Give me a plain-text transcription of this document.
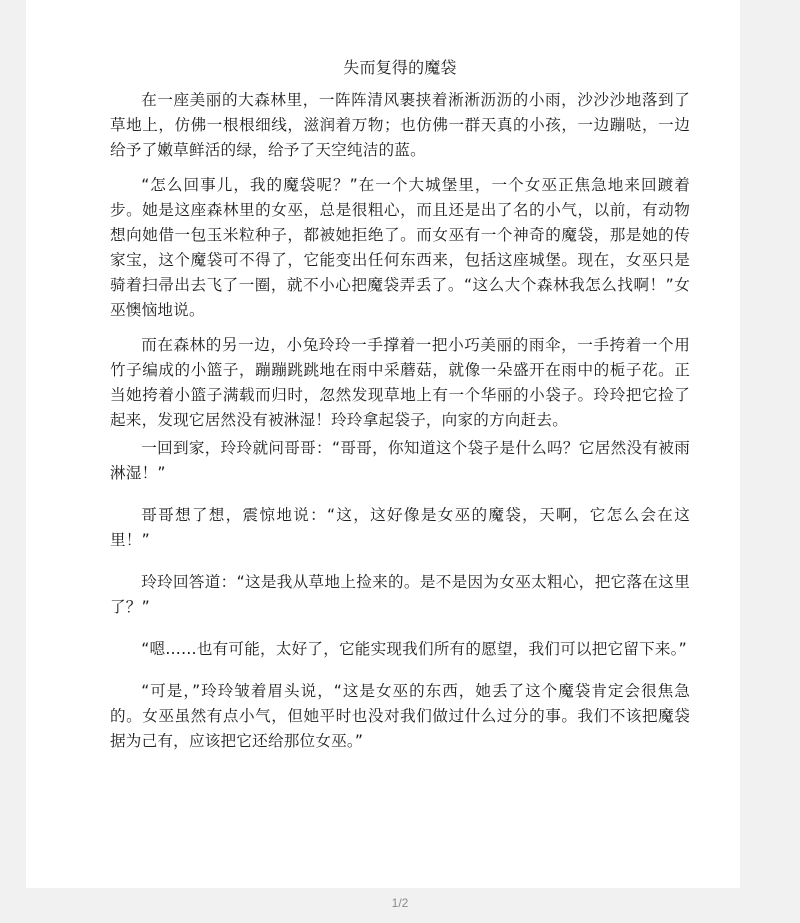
失而复得的魔袋

在一座美丽的大森林里，一阵阵清风裹挟着淅淅沥沥的小雨，沙沙沙地落到了草地上，仿佛一根根细线，滋润着万物；也仿佛一群天真的小孩，一边蹦哒，一边给予了嫩草鲜活的绿，给予了天空纯洁的蓝。

“怎么回事儿，我的魔袋呢？”在一个大城堡里，一个女巫正焦急地来回踱着步。她是这座森林里的女巫，总是很粗心，而且还是出了名的小气，以前，有动物想向她借一包玉米粒种子，都被她拒绝了。而女巫有一个神奇的魔袋，那是她的传家宝，这个魔袋可不得了，它能变出任何东西来，包括这座城堡。现在，女巫只是骑着扫帚出去飞了一圈，就不小心把魔袋弄丢了。“这么大个森林我怎么找啊！”女巫懊恼地说。

而在森林的另一边，小兔玲玲一手撑着一把小巧美丽的雨伞，一手挎着一个用竹子编成的小篮子，蹦蹦跳跳地在雨中采蘑菇，就像一朵盛开在雨中的栀子花。正当她挎着小篮子满载而归时，忽然发现草地上有一个华丽的小袋子。玲玲把它捡了起来，发现它居然没有被淋湿！玲玲拿起袋子，向家的方向赶去。

一回到家，玲玲就问哥哥：“哥哥，你知道这个袋子是什么吗？它居然没有被雨淋湿！”

哥哥想了想，震惊地说：“这，这好像是女巫的魔袋，天啊，它怎么会在这里！”

玲玲回答道：“这是我从草地上捡来的。是不是因为女巫太粗心，把它落在这里了？”

“嗯……也有可能，太好了，它能实现我们所有的愿望，我们可以把它留下来。”

“可是，”玲玲皱着眉头说，“这是女巫的东西，她丢了这个魔袋肯定会很焦急的。女巫虽然有点小气，但她平时也没对我们做过什么过分的事。我们不该把魔袋据为己有，应该把它还给那位女巫。”

1/2
